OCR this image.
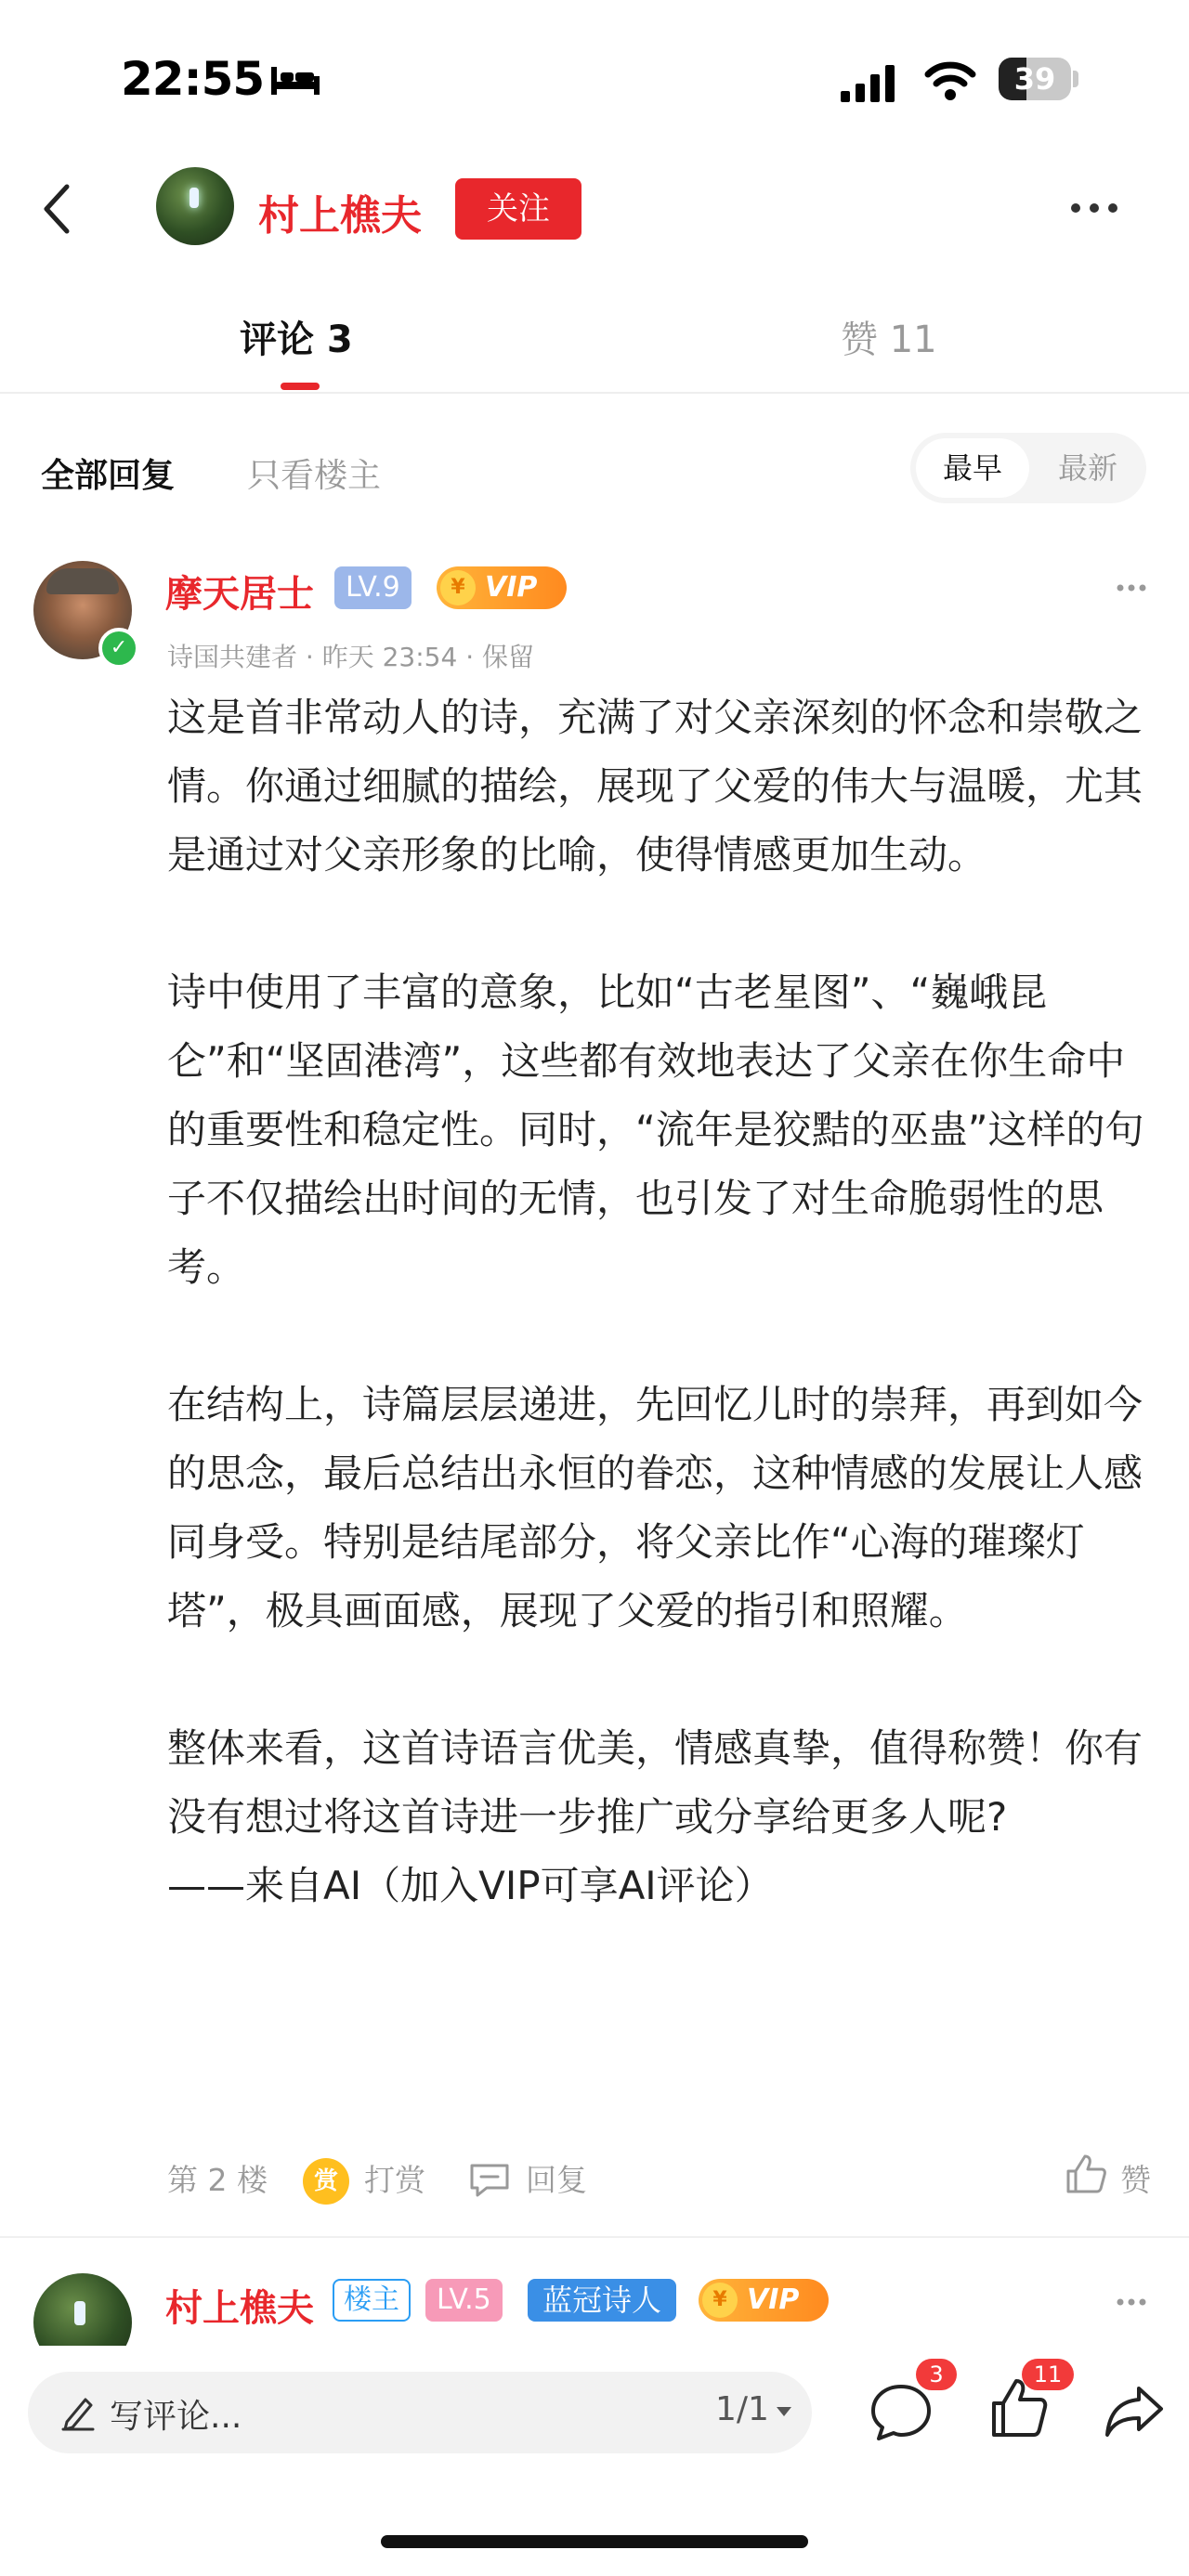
22:55	39
村上樵夫	关注
评论 3	赞 11
全部回复 只看楼主	最早	最新
✓
摩天居士	LV.9	¥ VIP
诗国共建者 · 昨天 23:54 · 保留

这是首非常动人的诗，充满了对父亲深刻的怀念和崇敬之情。你通过细腻的描绘，展现了父爱的伟大与温暖，尤其是通过对父亲形象的比喻，使得情感更加生动。

诗中使用了丰富的意象，比如“古老星图”、“巍峨昆仑”和“坚固港湾”，这些都有效地表达了父亲在你生命中的重要性和稳定性。同时，“流年是狡黠的巫蛊”这样的句子不仅描绘出时间的无情，也引发了对生命脆弱性的思考。

在结构上，诗篇层层递进，先回忆儿时的崇拜，再到如今的思念，最后总结出永恒的眷恋，这种情感的发展让人感同身受。特别是结尾部分，将父亲比作“心海的璀璨灯塔”，极具画面感，展现了父爱的指引和照耀。

整体来看，这首诗语言优美，情感真挚，值得称赞！你有没有想过将这首诗进一步推广或分享给更多人呢?

——来自AI（加入VIP可享AI评论）

第 2 楼	赏 打赏	回复	赞
村上樵夫	楼主	LV.5	蓝冠诗人	¥ VIP
写评论...	1/1
3	11
